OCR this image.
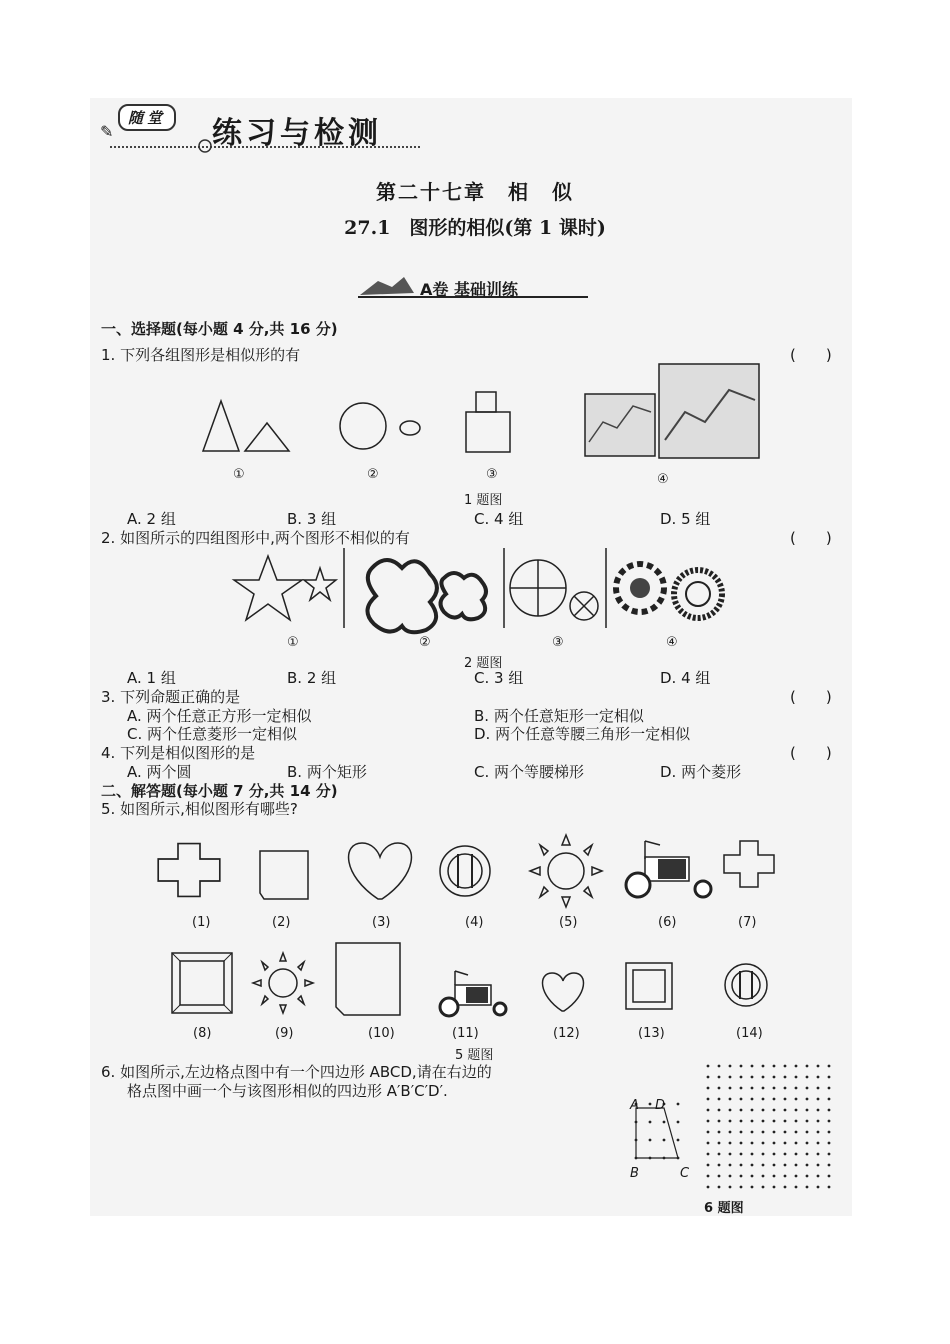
随堂
✎	练习与检测
第二十七章　相　似
27.1　图形的相似(第 1 课时)
A卷 基础训练
一、选择题(每小题 4 分,共 16 分)
1. 下列各组图形是相似形的有	(　　)
①	②	③	④
1 题图
A. 2 组	B. 3 组	C. 4 组	D. 5 组
2. 如图所示的四组图形中,两个图形不相似的有	(　　)
①	②	③	④
2 题图
A. 1 组	B. 2 组	C. 3 组	D. 4 组
3. 下列命题正确的是	(　　)
A. 两个任意正方形一定相似	B. 两个任意矩形一定相似
C. 两个任意菱形一定相似	D. 两个任意等腰三角形一定相似
4. 下列是相似图形的是	(　　)
A. 两个圆	B. 两个矩形	C. 两个等腰梯形	D. 两个菱形
二、解答题(每小题 7 分,共 14 分)
5. 如图所示,相似图形有哪些?
(1)	(2)	(3)	(4)	(5)	(6)	(7)
(8)	(9)	(10)	(11)	(12)	(13)	(14)
5 题图
6. 如图所示,左边格点图中有一个四边形 ABCD,请在右边的
格点图中画一个与该图形相似的四边形 A′B′C′D′.
A D
B	C
6 题图
